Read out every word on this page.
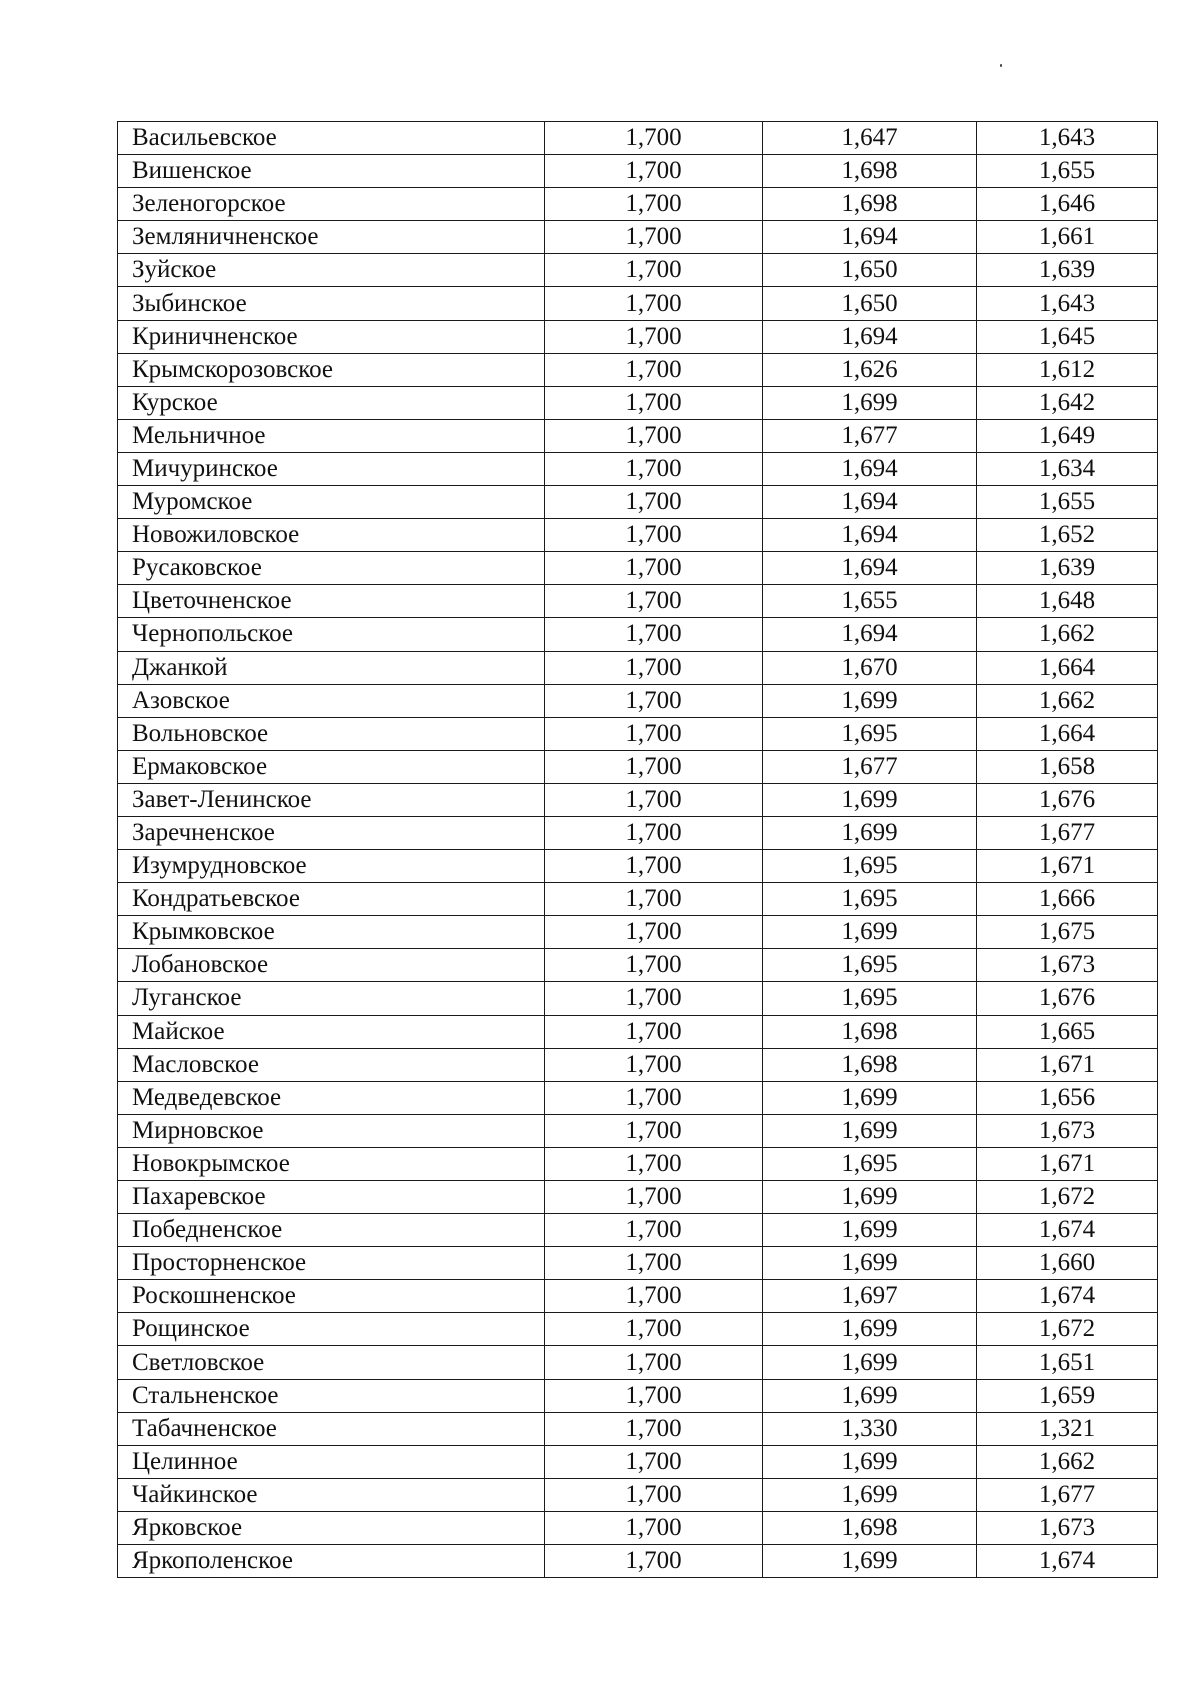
Васильевское	1,700	1,647	1,643
Вишенское	1,700	1,698	1,655
Зеленогорское	1,700	1,698	1,646
Земляничненское	1,700	1,694	1,661
Зуйское	1,700	1,650	1,639
Зыбинское	1,700	1,650	1,643
Криничненское	1,700	1,694	1,645
Крымскорозовское	1,700	1,626	1,612
Курское	1,700	1,699	1,642
Мельничное	1,700	1,677	1,649
Мичуринское	1,700	1,694	1,634
Муромское	1,700	1,694	1,655
Новожиловское	1,700	1,694	1,652
Русаковское	1,700	1,694	1,639
Цветочненское	1,700	1,655	1,648
Чернопольское	1,700	1,694	1,662
Джанкой	1,700	1,670	1,664
Азовское	1,700	1,699	1,662
Вольновское	1,700	1,695	1,664
Ермаковское	1,700	1,677	1,658
Завет-Ленинское	1,700	1,699	1,676
Заречненское	1,700	1,699	1,677
Изумрудновское	1,700	1,695	1,671
Кондратьевское	1,700	1,695	1,666
Крымковское	1,700	1,699	1,675
Лобановское	1,700	1,695	1,673
Луганское	1,700	1,695	1,676
Майское	1,700	1,698	1,665
Масловское	1,700	1,698	1,671
Медведевское	1,700	1,699	1,656
Мирновское	1,700	1,699	1,673
Новокрымское	1,700	1,695	1,671
Пахаревское	1,700	1,699	1,672
Победненское	1,700	1,699	1,674
Просторненское	1,700	1,699	1,660
Роскошненское	1,700	1,697	1,674
Рощинское	1,700	1,699	1,672
Светловское	1,700	1,699	1,651
Стальненское	1,700	1,699	1,659
Табачненское	1,700	1,330	1,321
Целинное	1,700	1,699	1,662
Чайкинское	1,700	1,699	1,677
Ярковское	1,700	1,698	1,673
Яркополенское	1,700	1,699	1,674
